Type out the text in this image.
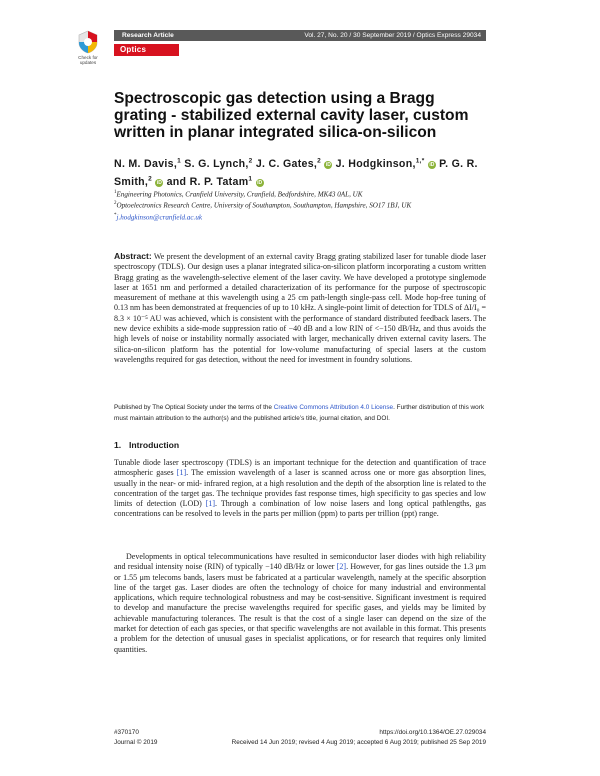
Check for updates
Research Article	Vol. 27, No. 20 / 30 September 2019 / Optics Express 29034
Optics EXPRESS
Spectroscopic gas detection using a Bragg grating - stabilized external cavity laser, custom written in planar integrated silica-on-silicon
N. M. Davis,$^1$ S. G. Lynch,$^2$ J. C. Gates,$^2$ iD J. Hodgkinson,$^{1,*}$ iD P. G. R. Smith,$^2$ iD and R. P. Tatam$^1$ iD
$^1$Engineering Photonics, Cranfield University, Cranfield, Bedfordshire, MK43 0AL, UK
$^2$Optoelectronics Research Centre, University of Southampton, Southampton, Hampshire, SO17 1BJ, UK
*j.hodgkinson@cranfield.ac.uk

Abstract: We present the development of an external cavity Bragg grating stabilized laser for tunable diode laser spectroscopy (TDLS). Our design uses a planar integrated silica-on-silicon platform incorporating a custom written Bragg grating as the wavelength-selective element of the laser cavity. We have developed a prototype singlemode laser at 1651 nm and performed a detailed characterization of its performance for the purpose of spectroscopic measurement of methane at this wavelength using a 25 cm path-length single-pass cell. Mode hop-free tuning of 0.13 nm has been demonstrated at frequencies of up to 10 kHz. A single-point limit of detection for TDLS of ΔI/I₀ = 8.3 × 10⁻⁵ AU was achieved, which is consistent with the performance of standard distributed feedback lasers. The new device exhibits a side-mode suppression ratio of −40 dB and a low RIN of <−150 dB/Hz, and thus avoids the high levels of noise or instability normally associated with larger, mechanically driven external cavity lasers. The silica-on-silicon platform has the potential for low-volume manufacturing of special lasers at the custom wavelengths required for gas detection, without the need for investment in foundry solutions.

Published by The Optical Society under the terms of the Creative Commons Attribution 4.0 License. Further distribution of this work must maintain attribution to the author(s) and the published article’s title, journal citation, and DOI.

1. Introduction

Tunable diode laser spectroscopy (TDLS) is an important technique for the detection and quantification of trace atmospheric gases [1]. The emission wavelength of a laser is scanned across one or more gas absorption lines, usually in the near- or mid- infrared region, at a high resolution and the depth of the absorption line is related to the concentration of the target gas. The technique provides fast response times, high specificity to gas species and low limits of detection (LOD) [1]. Through a combination of low noise lasers and long optical pathlengths, gas concentrations can be resolved to levels in the parts per million (ppm) to parts per trillion (ppt) range.

Developments in optical telecommunications have resulted in semiconductor laser diodes with high reliability and residual intensity noise (RIN) of typically −140 dB/Hz or lower [2]. However, for gas lines outside the 1.3 μm or 1.55 μm telecoms bands, lasers must be fabricated at a particular wavelength, namely at the specific absorption line of the target gas. Laser diodes are often the technology of choice for many industrial and environmental applications, which require technological robustness and may be cost-sensitive. Significant investment is required to develop and manufacture the precise wavelengths required for specific gases, and yields may be limited by achievable manufacturing tolerances. The result is that the cost of a single laser can depend on the size of the market for detection of each gas species, or that specific wavelengths are not available in this format. This presents a problem for the detection of unusual gases in specialist applications, or for research that requires only limited quantities.

#370170
Journal © 2019
https://doi.org/10.1364/OE.27.029034
Received 14 Jun 2019; revised 4 Aug 2019; accepted 6 Aug 2019; published 25 Sep 2019
